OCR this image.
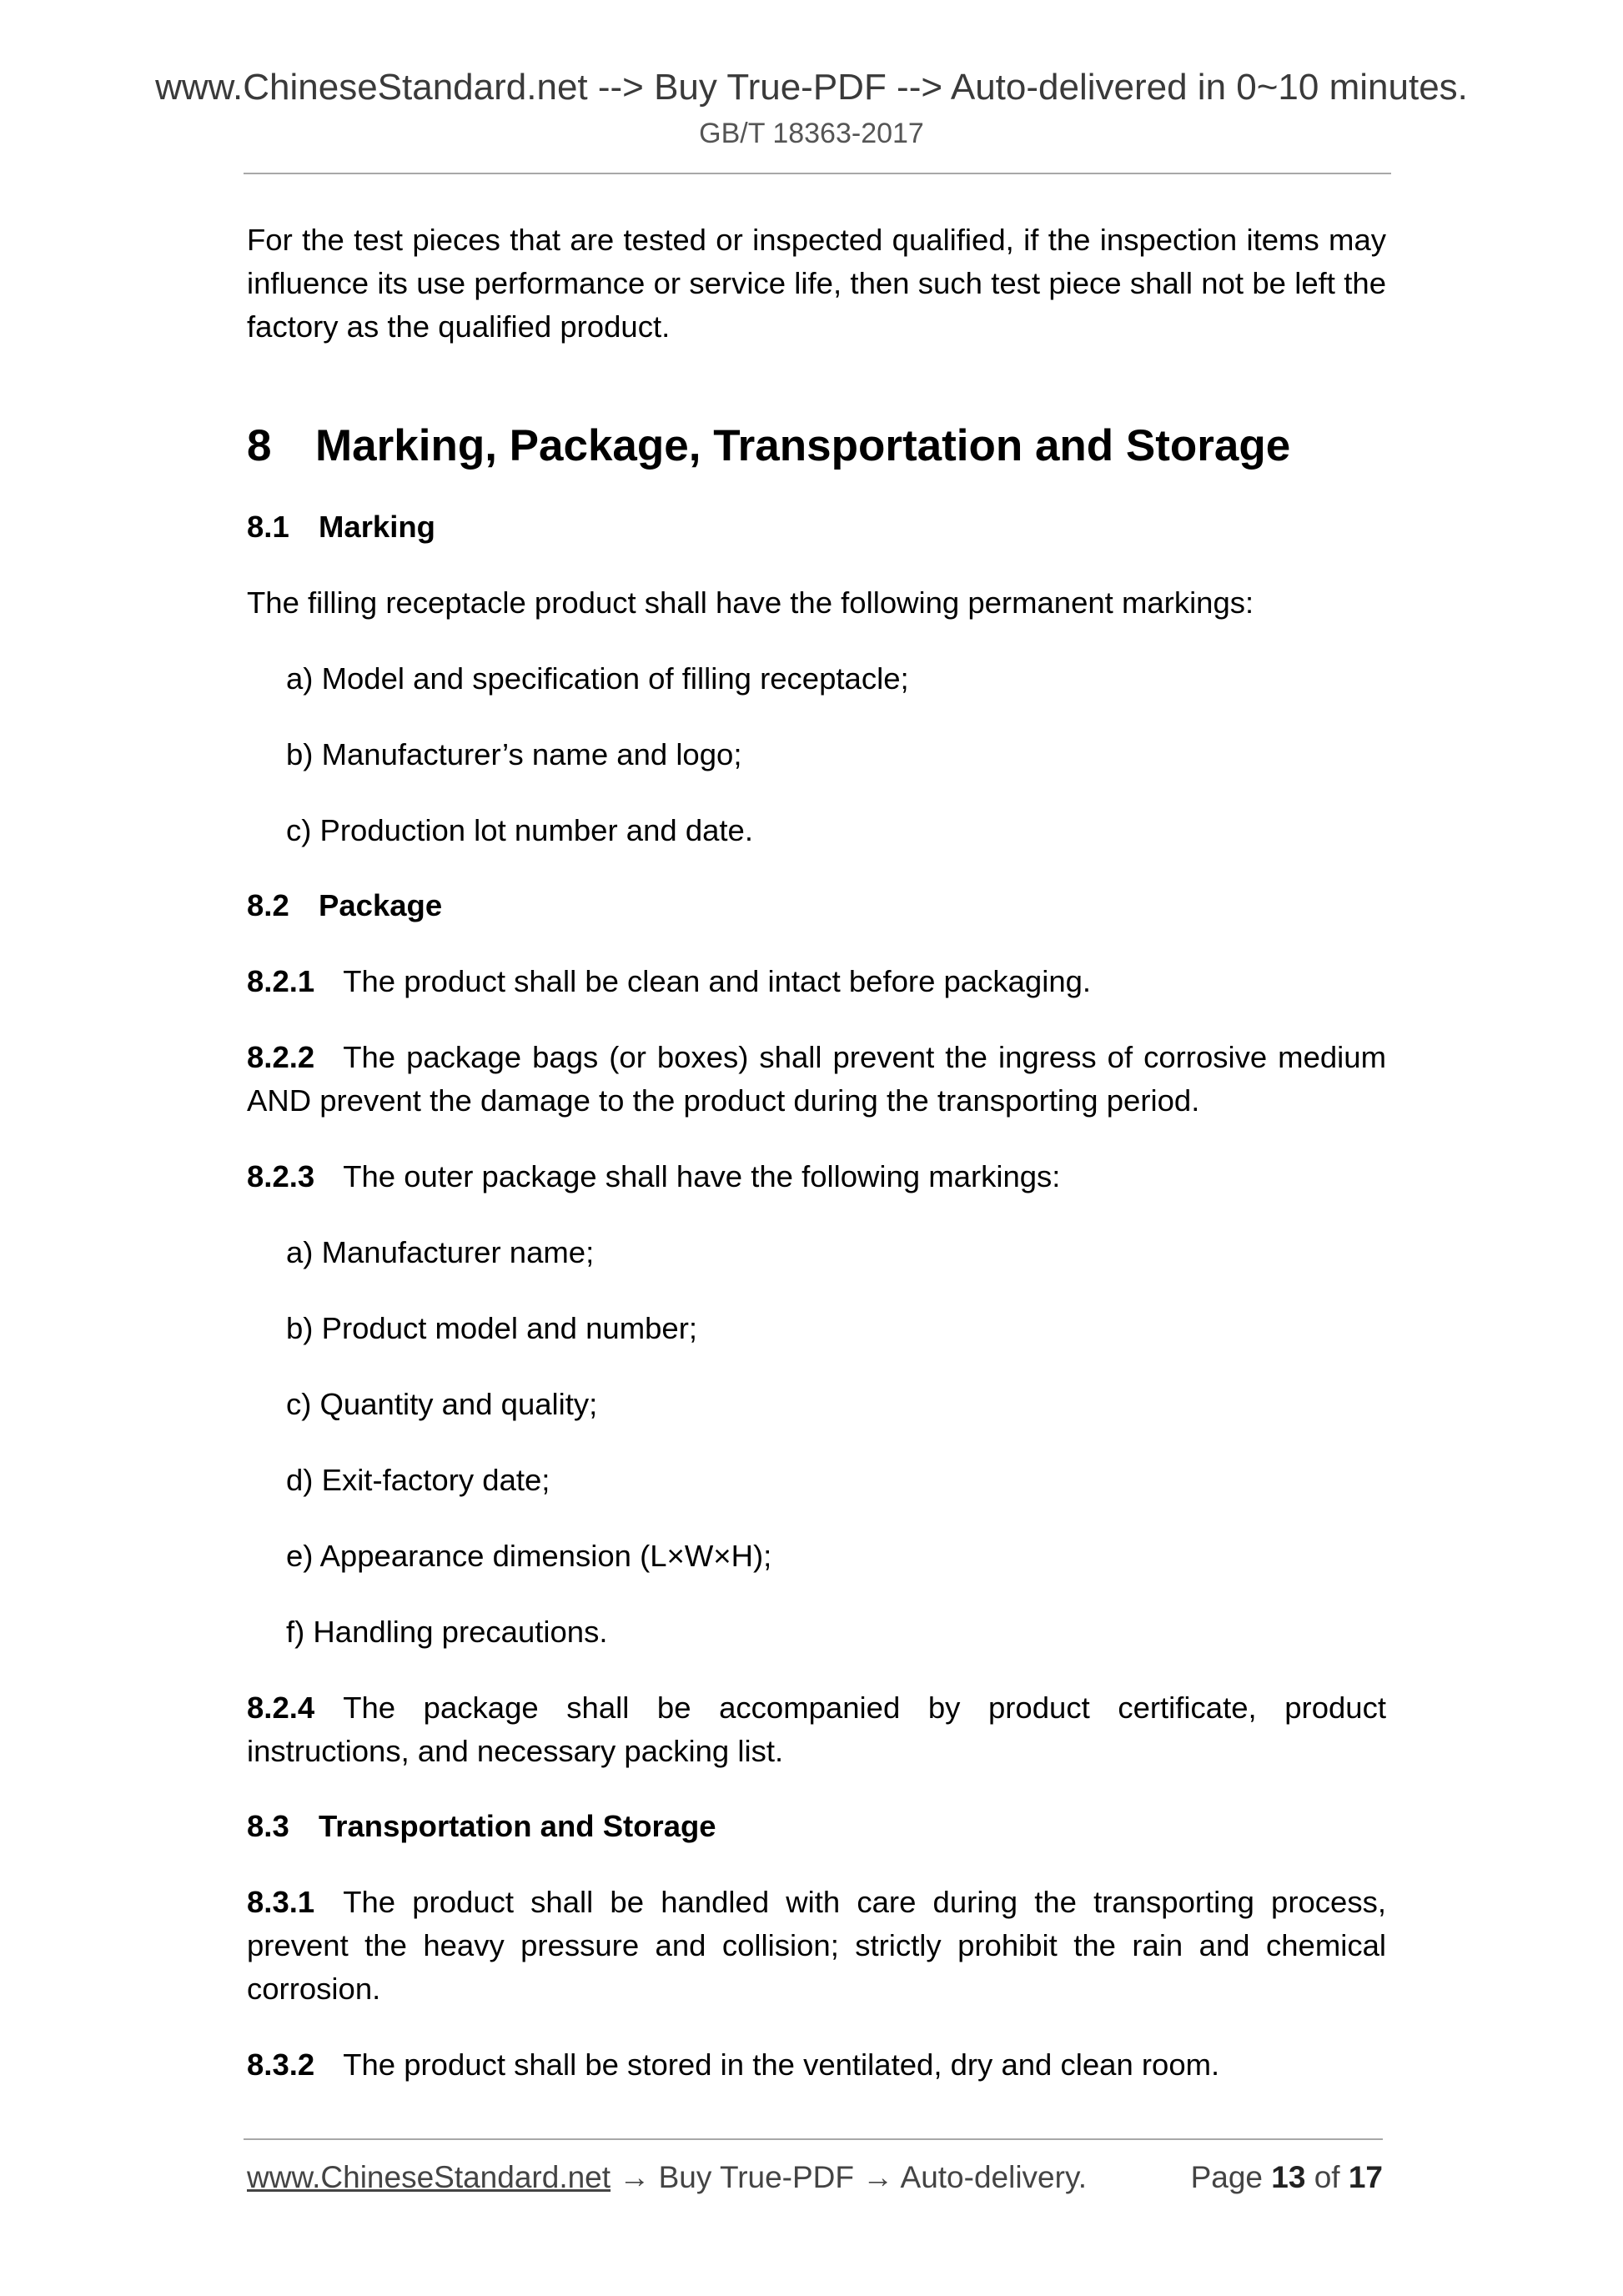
www.ChineseStandard.net --> Buy True-PDF --> Auto-delivered in 0~10 minutes.
GB/T 18363-2017

For the test pieces that are tested or inspected qualified, if the inspection items may influence its use performance or service life, then such test piece shall not be left the factory as the qualified product.

8 Marking, Package, Transportation and Storage

8.1 Marking

The filling receptacle product shall have the following permanent markings:

a) Model and specification of filling receptacle;

b) Manufacturer’s name and logo;

c) Production lot number and date.

8.2 Package

8.2.1 The product shall be clean and intact before packaging.

8.2.2 The package bags (or boxes) shall prevent the ingress of corrosive medium AND prevent the damage to the product during the transporting period.

8.2.3 The outer package shall have the following markings:

a) Manufacturer name;

b) Product model and number;

c) Quantity and quality;

d) Exit-factory date;

e) Appearance dimension (L×W×H);

f) Handling precautions.

8.2.4 The package shall be accompanied by product certificate, product instructions, and necessary packing list.

8.3 Transportation and Storage

8.3.1 The product shall be handled with care during the transporting process, prevent the heavy pressure and collision; strictly prohibit the rain and chemical corrosion.

8.3.2 The product shall be stored in the ventilated, dry and clean room.

www.ChineseStandard.net → Buy True-PDF → Auto-delivery.	Page 13 of 17
